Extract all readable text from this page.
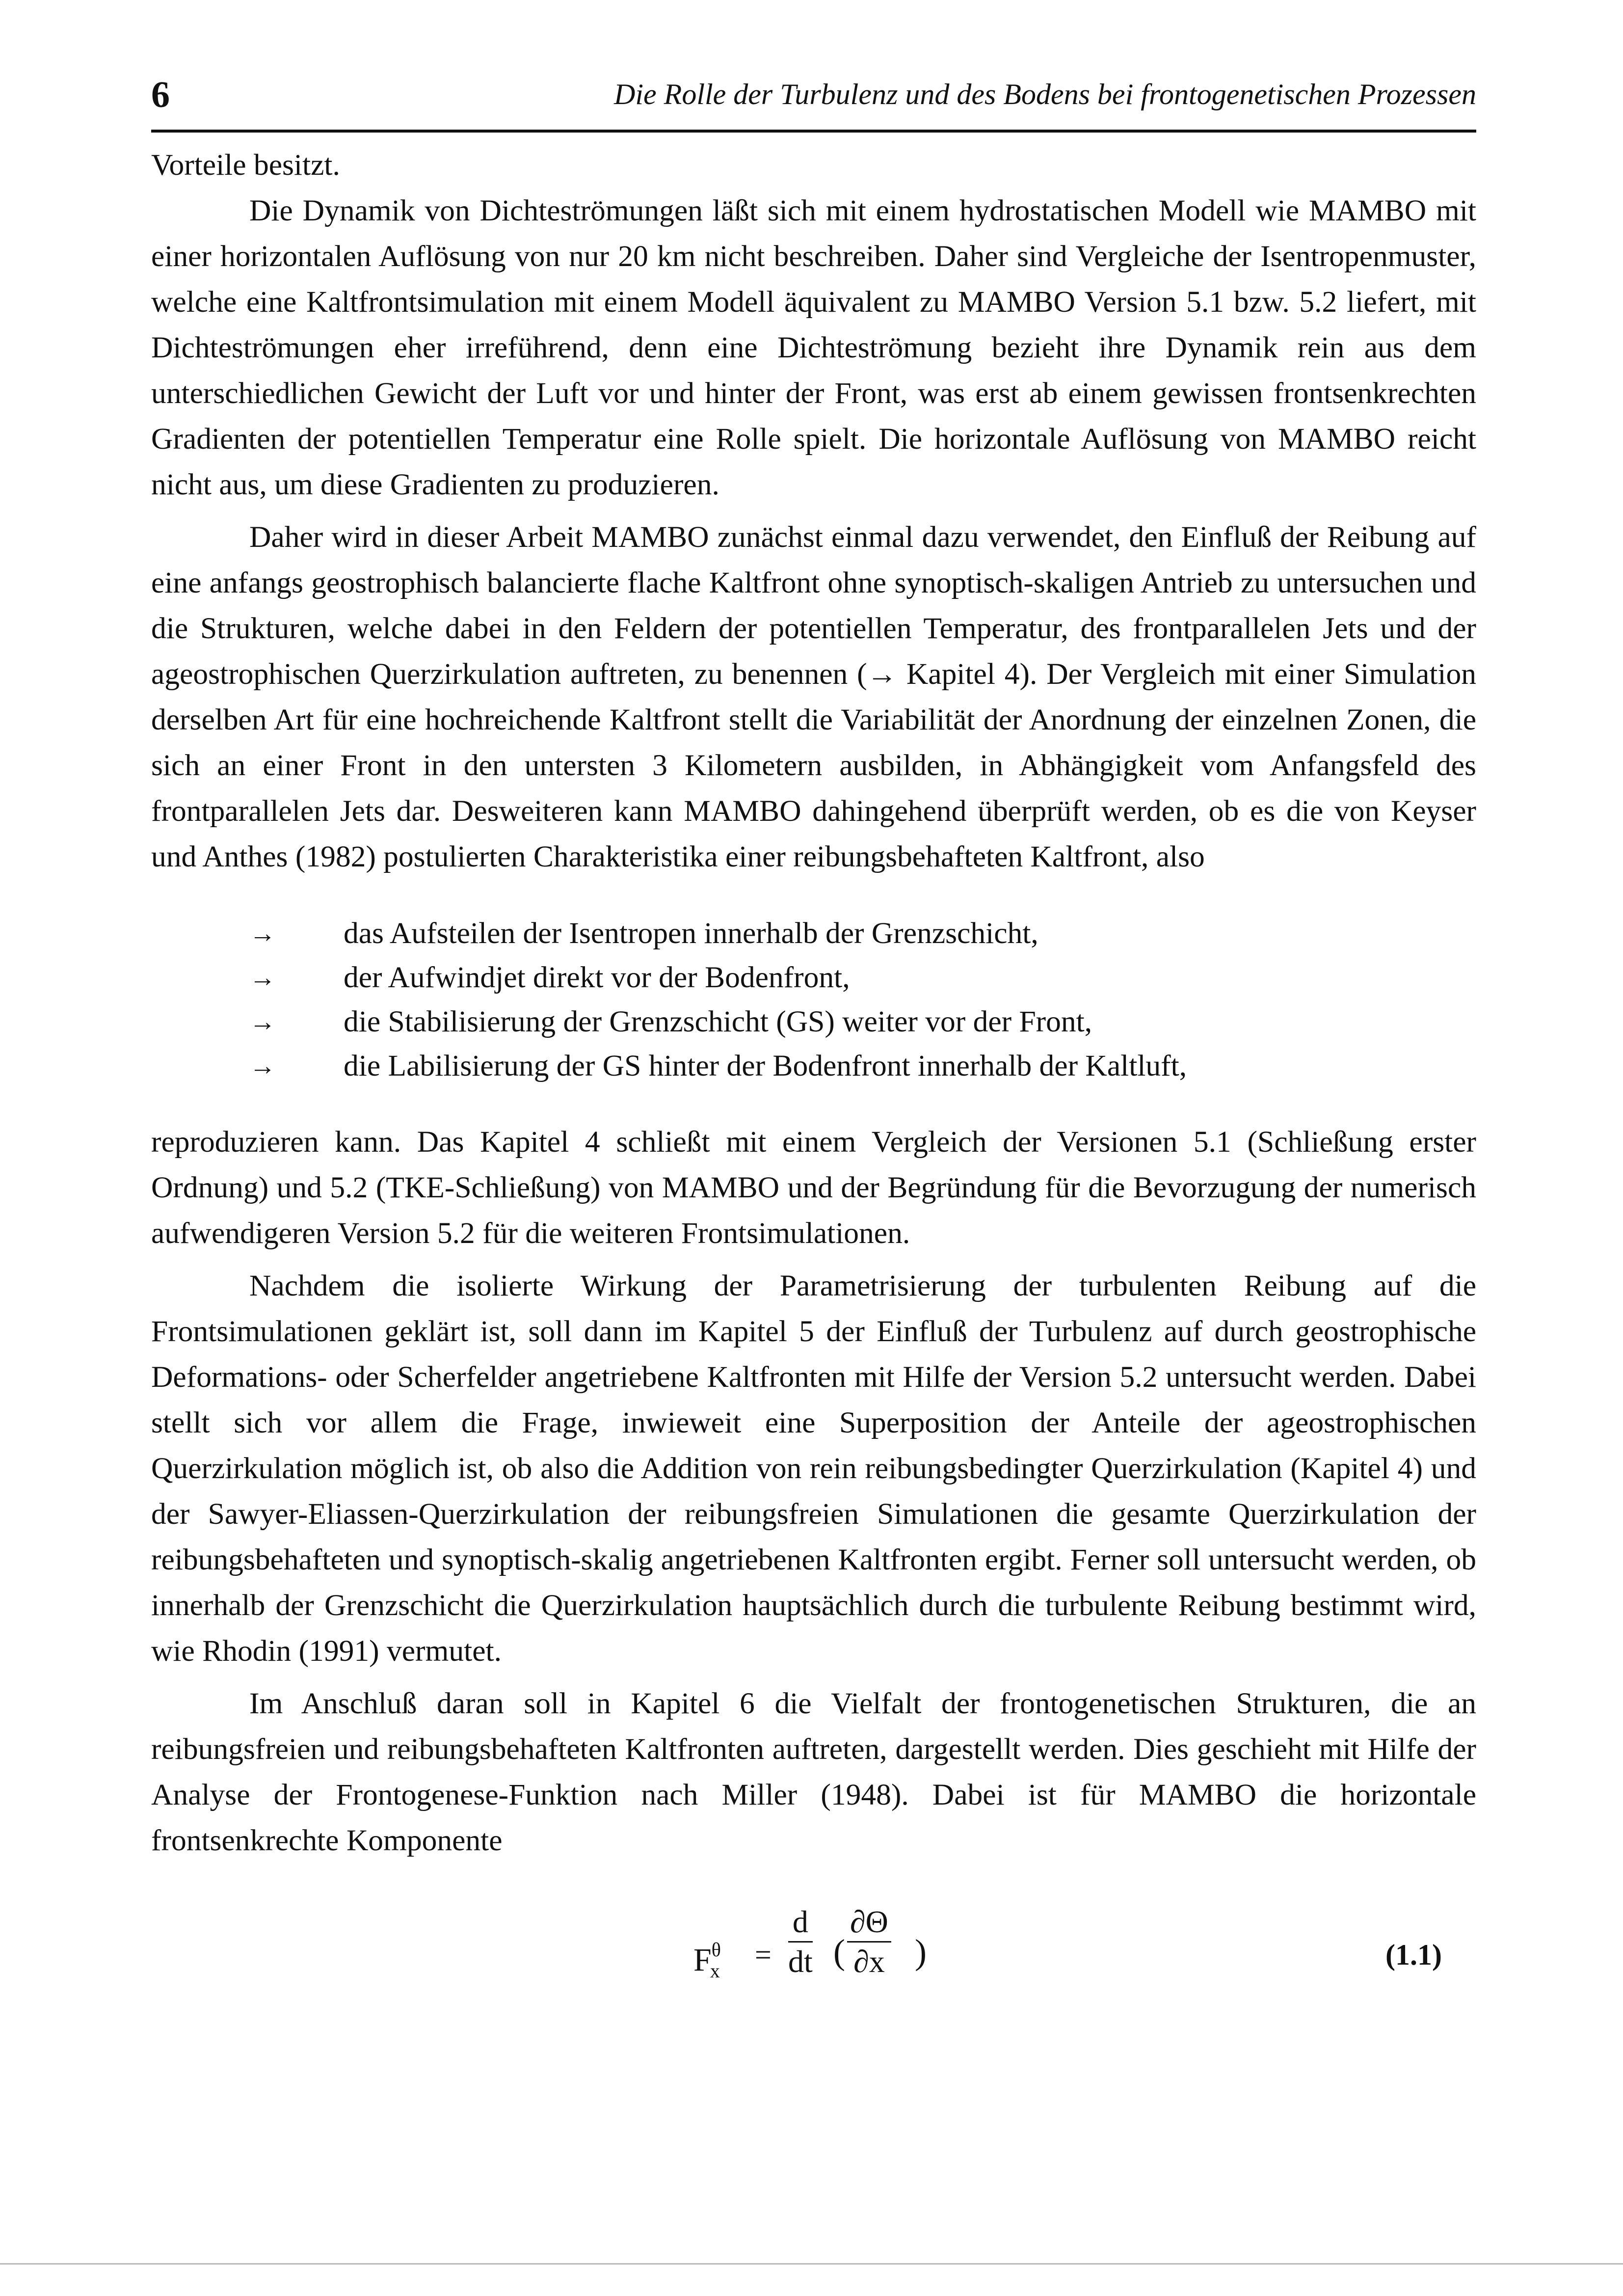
6	Die Rolle der Turbulenz und des Bodens bei frontogenetischen Prozessen

Vorteile besitzt.

Die Dynamik von Dichteströmungen läßt sich mit einem hydrostatischen Modell wie MAMBO mit einer horizontalen Auflösung von nur 20 km nicht beschreiben. Daher sind Vergleiche der Isentropenmuster, welche eine Kaltfrontsimulation mit einem Modell äquivalent zu MAMBO Version 5.1 bzw. 5.2 liefert, mit Dichteströmungen eher irreführend, denn eine Dichteströmung bezieht ihre Dynamik rein aus dem unterschiedlichen Gewicht der Luft vor und hinter der Front, was erst ab einem gewissen frontsenkrechten Gradienten der potentiellen Temperatur eine Rolle spielt. Die horizontale Auflösung von MAMBO reicht nicht aus, um diese Gradienten zu produzieren.

Daher wird in dieser Arbeit MAMBO zunächst einmal dazu verwendet, den Einfluß der Reibung auf eine anfangs geostrophisch balancierte flache Kaltfront ohne synoptisch-skaligen Antrieb zu untersuchen und die Strukturen, welche dabei in den Feldern der potentiellen Temperatur, des frontparallelen Jets und der ageostrophischen Querzirkulation auftreten, zu benennen (→ Kapitel 4). Der Vergleich mit einer Simulation derselben Art für eine hochreichende Kaltfront stellt die Variabilität der Anordnung der einzelnen Zonen, die sich an einer Front in den untersten 3 Kilometern ausbilden, in Abhängigkeit vom Anfangsfeld des frontparallelen Jets dar. Desweiteren kann MAMBO dahingehend überprüft werden, ob es die von Keyser und Anthes (1982) postulierten Charakteristika einer reibungsbehafteten Kaltfront, also

→ das Aufsteilen der Isentropen innerhalb der Grenzschicht,
→ der Aufwindjet direkt vor der Bodenfront,
→ die Stabilisierung der Grenzschicht (GS) weiter vor der Front,
→ die Labilisierung der GS hinter der Bodenfront innerhalb der Kaltluft,

reproduzieren kann. Das Kapitel 4 schließt mit einem Vergleich der Versionen 5.1 (Schließung erster Ordnung) und 5.2 (TKE-Schließung) von MAMBO und der Begründung für die Bevorzugung der numerisch aufwendigeren Version 5.2 für die weiteren Frontsimulationen.

Nachdem die isolierte Wirkung der Parametrisierung der turbulenten Reibung auf die Frontsimulationen geklärt ist, soll dann im Kapitel 5 der Einfluß der Turbulenz auf durch geostrophische Deformations- oder Scherfelder angetriebene Kaltfronten mit Hilfe der Version 5.2 untersucht werden. Dabei stellt sich vor allem die Frage, inwieweit eine Superposition der Anteile der ageostrophischen Querzirkulation möglich ist, ob also die Addition von rein reibungsbedingter Querzirkulation (Kapitel 4) und der Sawyer-Eliassen-Querzirkulation der reibungsfreien Simulationen die gesamte Querzirkulation der reibungsbehafteten und synoptisch-skalig angetriebenen Kaltfronten ergibt. Ferner soll untersucht werden, ob innerhalb der Grenzschicht die Querzirkulation hauptsächlich durch die turbulente Reibung bestimmt wird, wie Rhodin (1991) vermutet.

Im Anschluß daran soll in Kapitel 6 die Vielfalt der frontogenetischen Strukturen, die an reibungsfreien und reibungsbehafteten Kaltfronten auftreten, dargestellt werden. Dies geschieht mit Hilfe der Analyse der Frontogenese-Funktion nach Miller (1948). Dabei ist für MAMBO die horizontale frontsenkrechte Komponente

$F^\theta_x$	= $\frac{d}{dt}$ ( $\frac{\partial\Theta}{\partial x}$ )	(1.1)
